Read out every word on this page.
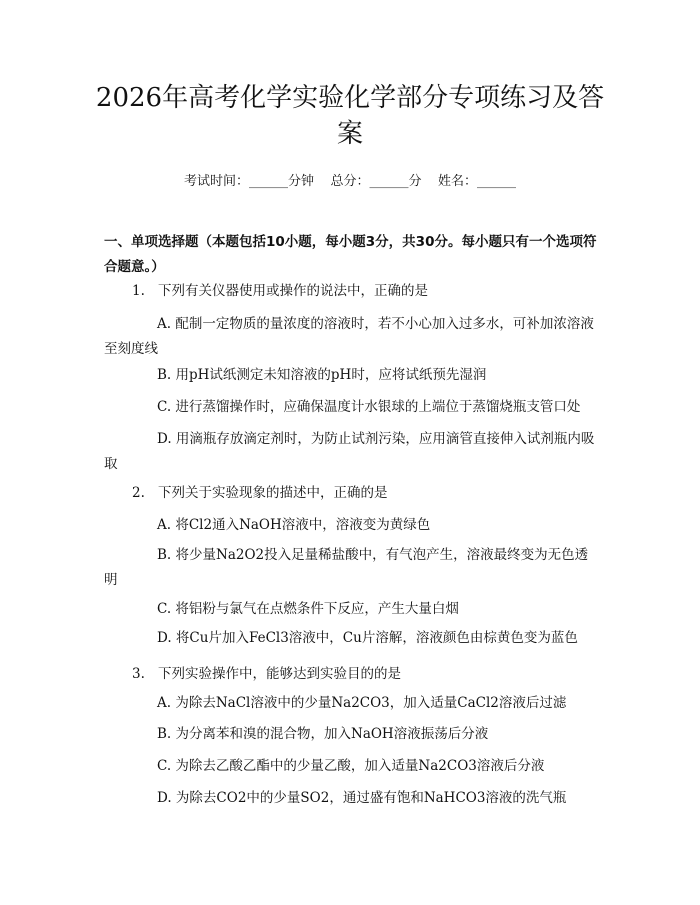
2026年高考化学实验化学部分专项练习及答案
考试时间：______分钟    总分：______分    姓名：______
一、单项选择题（本题包括10小题，每小题3分，共30分。每小题只有一个选项符合题意。）
1. 下列有关仪器使用或操作的说法中，正确的是
A. 配制一定物质的量浓度的溶液时，若不小心加入过多水，可补加浓溶液至刻度线
B. 用pH试纸测定未知溶液的pH时，应将试纸预先湿润
C. 进行蒸馏操作时，应确保温度计水银球的上端位于蒸馏烧瓶支管口处
D. 用滴瓶存放滴定剂时，为防止试剂污染，应用滴管直接伸入试剂瓶内吸取
2. 下列关于实验现象的描述中，正确的是
A. 将Cl2通入NaOH溶液中，溶液变为黄绿色
B. 将少量Na2O2投入足量稀盐酸中，有气泡产生，溶液最终变为无色透明
C. 将铝粉与氯气在点燃条件下反应，产生大量白烟
D. 将Cu片加入FeCl3溶液中，Cu片溶解，溶液颜色由棕黄色变为蓝色
3. 下列实验操作中，能够达到实验目的的是
A. 为除去NaCl溶液中的少量Na2CO3，加入适量CaCl2溶液后过滤
B. 为分离苯和溴的混合物，加入NaOH溶液振荡后分液
C. 为除去乙酸乙酯中的少量乙酸，加入适量Na2CO3溶液后分液
D. 为除去CO2中的少量SO2，通过盛有饱和NaHCO3溶液的洗气瓶
